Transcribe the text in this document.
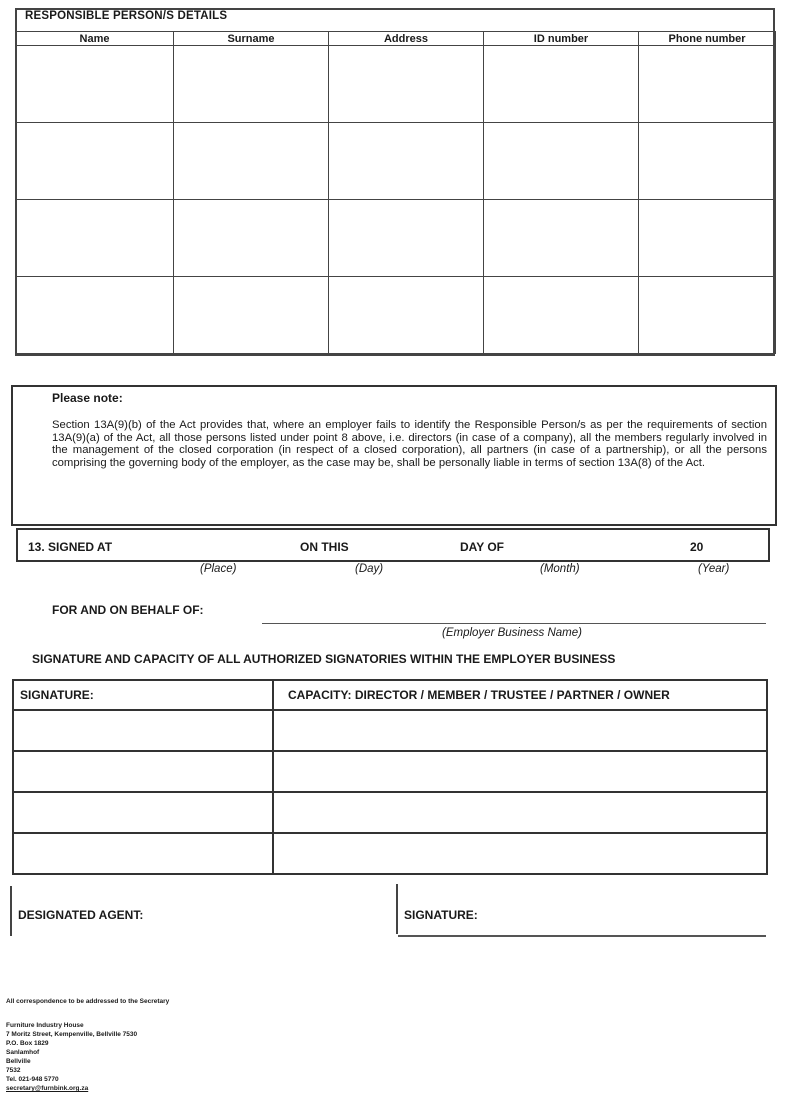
RESPONSIBLE PERSON/S DETAILS
Name	Surname	Address	ID number	Phone number

Please note:
Section 13A(9)(b) of the Act provides that, where an employer fails to identify the Responsible Person/s as per the requirements of section 13A(9)(a) of the Act, all those persons listed under point 8 above, i.e. directors (in case of a company), all the members regularly involved in the management of the closed corporation (in respect of a closed corporation), all partners (in case of a partnership), or all the persons comprising the governing body of the employer, as the case may be, shall be personally liable in terms of section 13A(8) of the Act.
13. SIGNED AT	ON THIS	DAY OF	20
(Place)	(Day)	(Month)	(Year)
FOR AND ON BEHALF OF:
(Employer Business Name)
SIGNATURE AND CAPACITY OF ALL AUTHORIZED SIGNATORIES WITHIN THE EMPLOYER BUSINESS
SIGNATURE:	CAPACITY: DIRECTOR / MEMBER / TRUSTEE / PARTNER / OWNER

DESIGNATED AGENT:	SIGNATURE:
All correspondence to be addressed to the Secretary
Furniture Industry House
7 Moritz Street, Kempenville, Bellville 7530
P.O. Box 1829
Sanlamhof
Bellville
7532
Tel. 021-948 5770
secretary@furnbink.org.za
